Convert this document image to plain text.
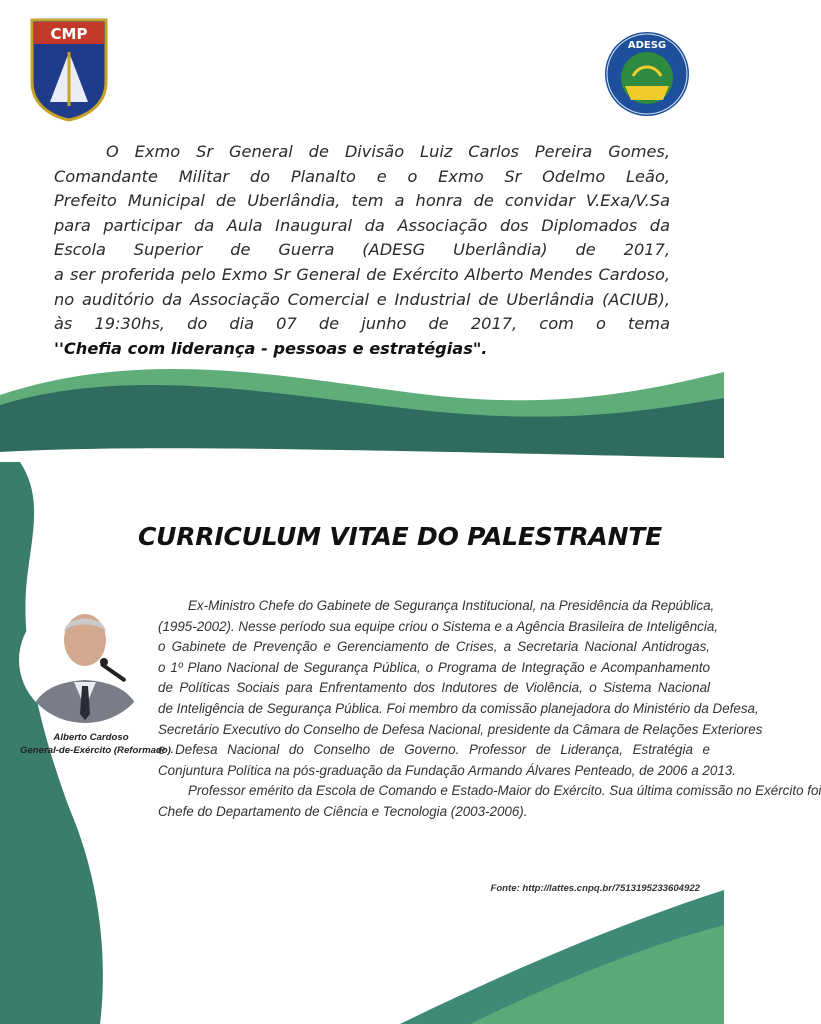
CMP
ADESG
O Exmo Sr General de Divisão Luiz Carlos Pereira Gomes,
Comandante Militar do Planalto e o Exmo Sr Odelmo Leão,
Prefeito Municipal de Uberlândia, tem a honra de convidar V.Exa/V.Sa
para participar da Aula Inaugural da Associação dos Diplomados da
Escola Superior de Guerra (ADESG Uberlândia) de 2017,
a ser proferida pelo Exmo Sr General de Exército Alberto Mendes Cardoso,
no auditório da Associação Comercial e Industrial de Uberlândia (ACIUB),
às 19:30hs, do dia 07 de junho de 2017, com o tema
''Chefia com liderança - pessoas e estratégias".
CURRICULUM VITAE DO PALESTRANTE
Alberto Cardoso
General-de-Exército (Reformado).
Ex-Ministro Chefe do Gabinete de Segurança Institucional, na Presidência da República,
(1995-2002). Nesse período sua equipe criou o Sistema e a Agência Brasileira de Inteligência,
o Gabinete de Prevenção e Gerenciamento de Crises, a Secretaria Nacional Antidrogas,
o 1º Plano Nacional de Segurança Pública, o Programa de Integração e Acompanhamento
de Políticas Sociais para Enfrentamento dos Indutores de Violência, o Sistema Nacional
de Inteligência de Segurança Pública. Foi membro da comissão planejadora do Ministério da Defesa,
Secretário Executivo do Conselho de Defesa Nacional, presidente da Câmara de Relações Exteriores
e Defesa Nacional do Conselho de Governo. Professor de Liderança, Estratégia e
Conjuntura Política na pós-graduação da Fundação Armando Álvares Penteado, de 2006 a 2013.
Professor emérito da Escola de Comando e Estado-Maior do Exército. Sua última comissão no Exército foi
Chefe do Departamento de Ciência e Tecnologia (2003-2006).
Fonte: http://lattes.cnpq.br/7513195233604922
